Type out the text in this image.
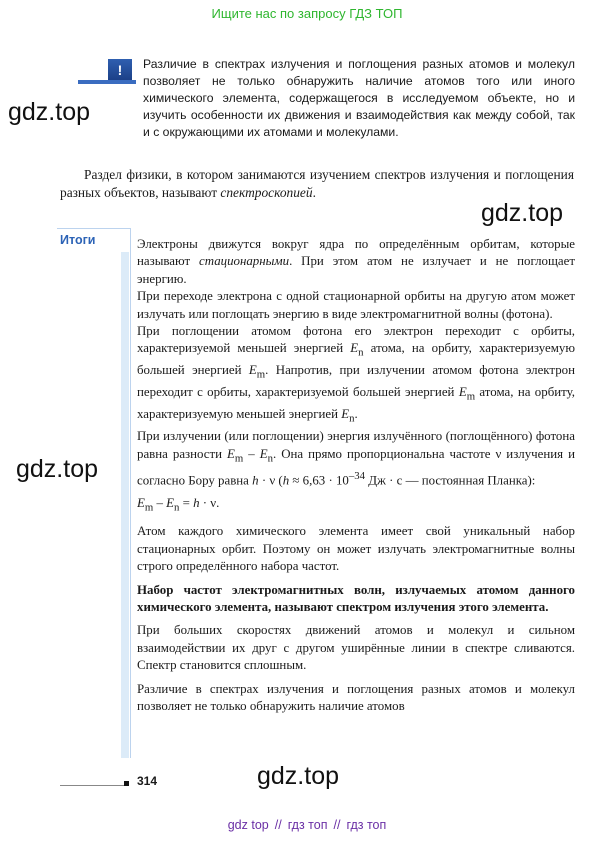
Ищите нас по запросу ГДЗ ТОП
!	Различие в спектрах излучения и поглощения разных атомов и молекул позволяет не только обнаружить наличие атомов того или иного химического элемента, содержащегося в исследуемом объекте, но и изучить особенности их движения и взаимодействия как между собой, так и с окружающими их атомами и молекулами.

Раздел физики, в котором занимаются изучением спектров излучения и поглощения разных объектов, называют спектроскопией.

gdz.top
gdz.top
gdz.top
gdz.top
Итоги	Электроны движутся вокруг ядра по определённым орбитам, которые называют стационарными. При этом атом не излучает и не поглощает энергию.

При переходе электрона с одной стационарной орбиты на другую атом может излучать или поглощать энергию в виде электромагнитной волны (фотона).

При поглощении атомом фотона его электрон переходит с орбиты, характеризуемой меньшей энергией $E_n$ атома, на орбиту, характеризуемую большей энергией $E_m$. Напротив, при излучении атомом фотона электрон переходит с орбиты, характеризуемой большей энергией $E_m$ атома, на орбиту, характеризуемую меньшей энергией $E_n$.

При излучении (или поглощении) энергия излучённого (поглощённого) фотона равна разности $E_m - E_n$. Она прямо пропорциональна частоте ν излучения и согласно Бору равна h · ν ($h \approx 6,63 \cdot 10^{-34}$ Дж · с — постоянная Планка):

$E_m - E_n = h \cdot \nu$.

Атом каждого химического элемента имеет свой уникальный набор стационарных орбит. Поэтому он может излучать электромагнитные волны строго определённого набора частот.

Набор частот электромагнитных волн, излучаемых атомом данного химического элемента, называют спектром излучения этого элемента.

При больших скоростях движений атомов и молекул и сильном взаимодействии их друг с другом уширённые линии в спектре сливаются. Спектр становится сплошным.

Различие в спектрах излучения и поглощения разных атомов и молекул позволяет не только обнаружить наличие атомов

314
gdz top // гдз топ // гдз топ
